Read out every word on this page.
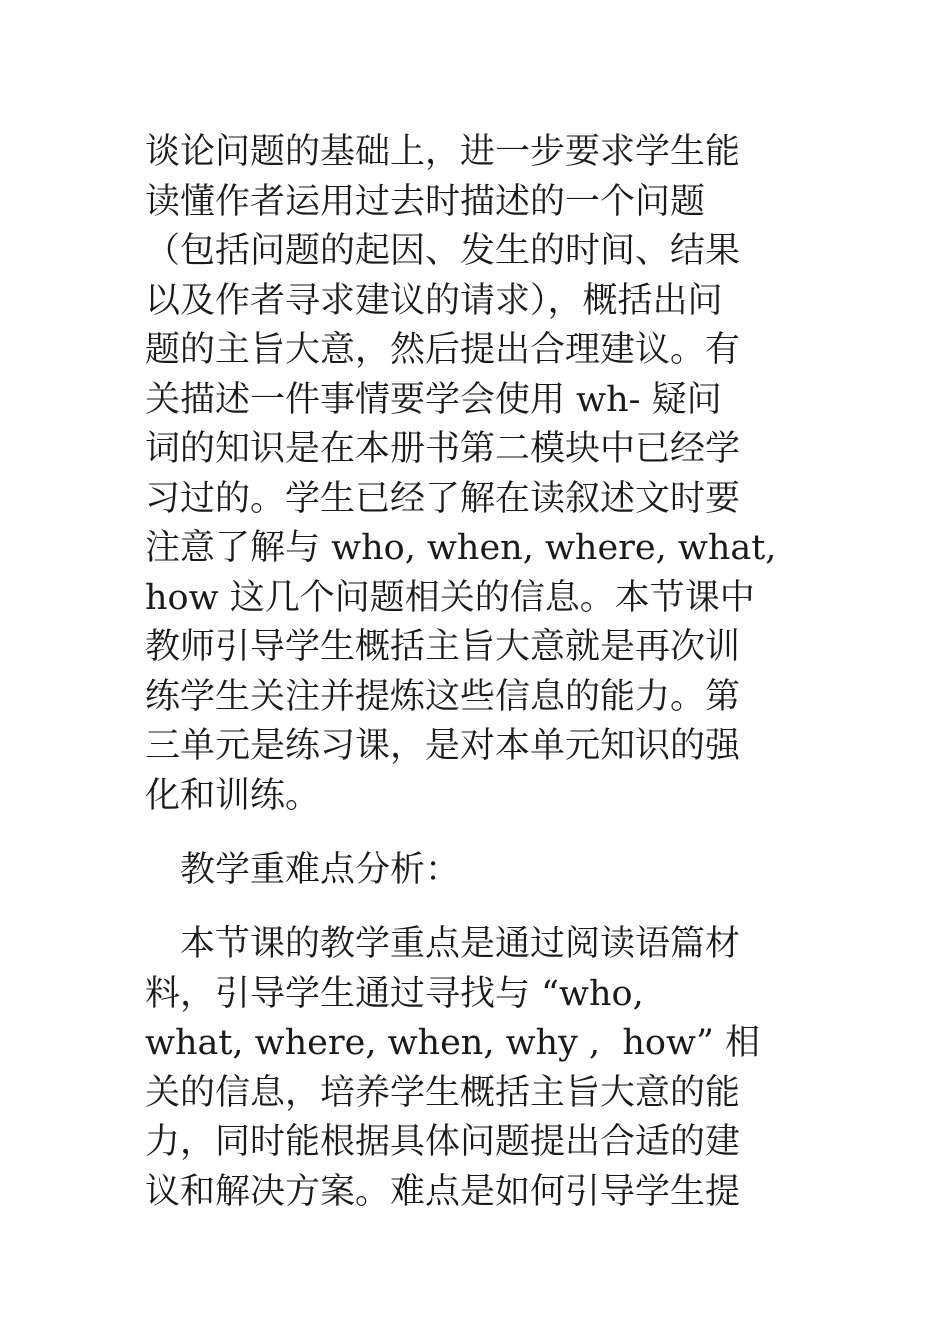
谈论问题的基础上，进一步要求学生能
读懂作者运用过去时描述的一个问题
（包括问题的起因、发生的时间、结果
以及作者寻求建议的请求），概括出问
题的主旨大意，然后提出合理建议。有
关描述一件事情要学会使用 wh- 疑问
词的知识是在本册书第二模块中已经学
习过的。学生已经了解在读叙述文时要
注意了解与 who, when, where, what,
how 这几个问题相关的信息。本节课中
教师引导学生概括主旨大意就是再次训
练学生关注并提炼这些信息的能力。第
三单元是练习课，是对本单元知识的强
化和训练。
　教学重难点分析：
　本节课的教学重点是通过阅读语篇材
料，引导学生通过寻找与 “who,
what, where, when, why ,  how” 相
关的信息，培养学生概括主旨大意的能
力，同时能根据具体问题提出合适的建
议和解决方案。难点是如何引导学生提
